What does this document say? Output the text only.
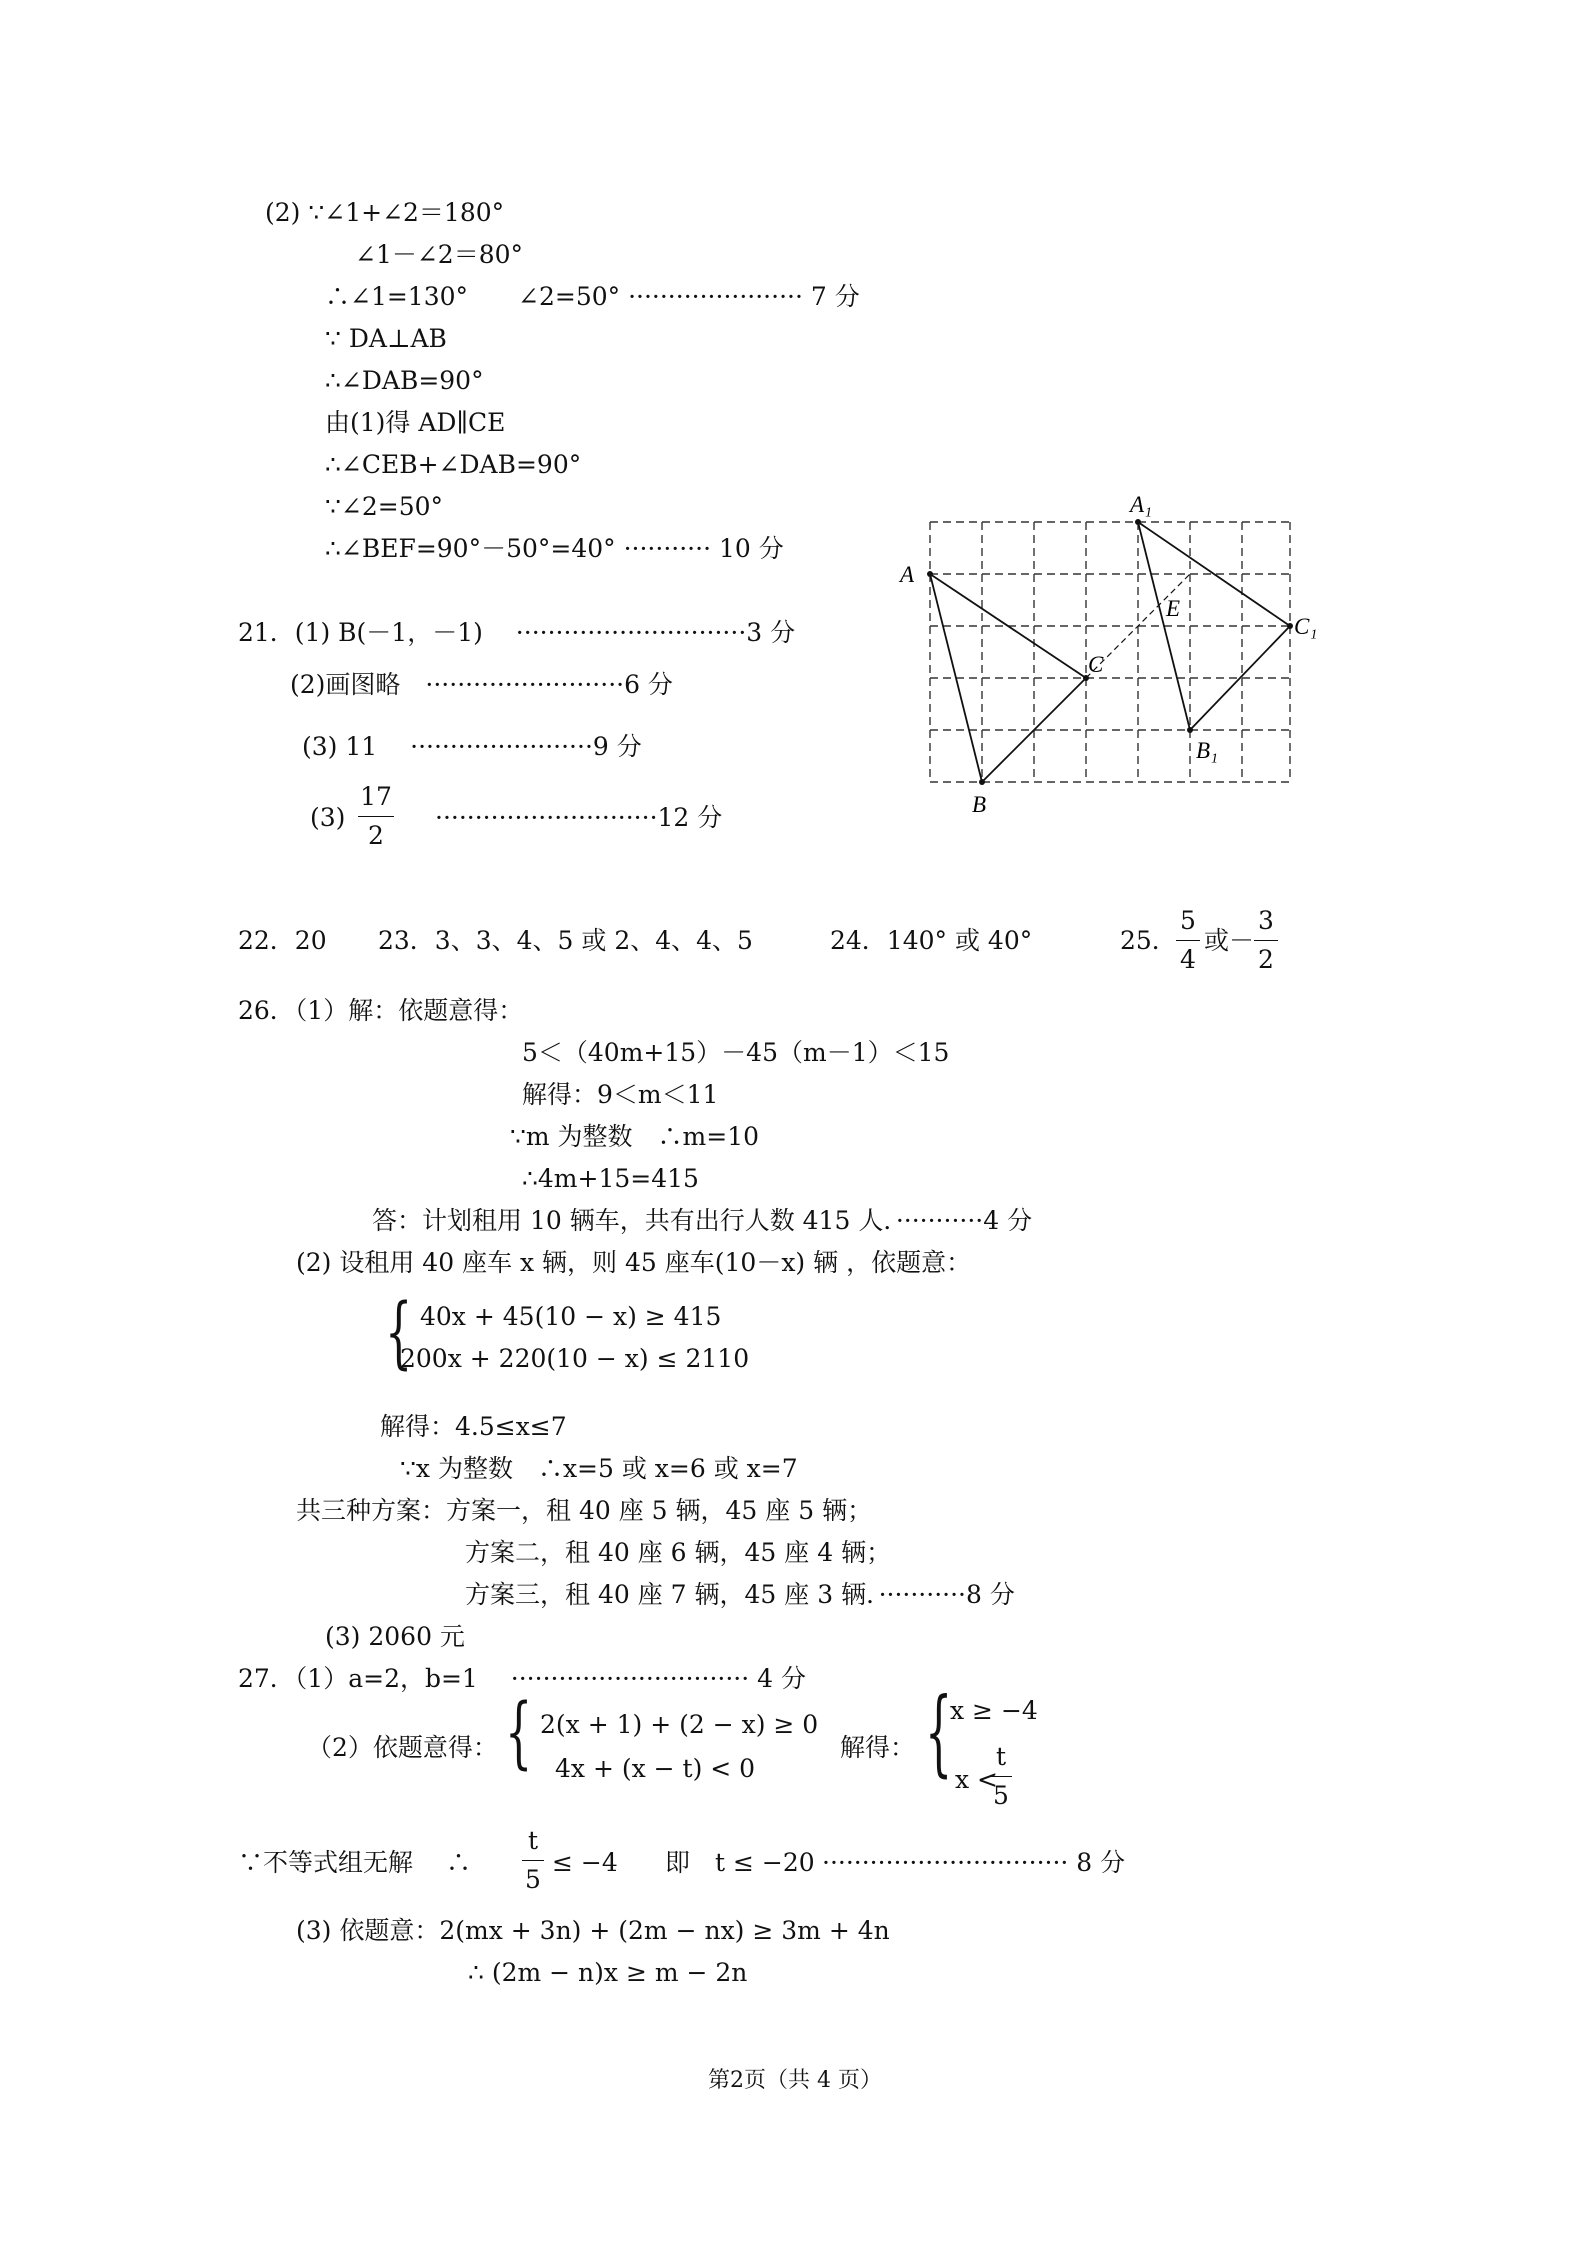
(2) ∵∠1+∠2＝180°
∠1－∠2＝80°
∴∠1=130°　　∠2=50° ······················ 7 分
∵ DA⊥AB
∴∠DAB=90°
由(1)得 AD∥CE
∴∠CEB+∠DAB=90°
∵∠2=50°
∴∠BEF=90°－50°=40° ··········· 10 分
21．(1) B(－1，－1)　 ·····························3 分
(2)画图略　·························6 分
(3) 11　 ·······················9 分
(3)
17
2
····························12 分
A
B
C
A₁
B₁
C₁
E
22．20 23．3、3、4、5 或 2、4、4、5	24．140° 或 40°	25．
5
4
或－
3
2
26．（1）解：依题意得：
5＜（40m+15）－45（m－1）＜15
解得：9＜m＜11
∵m 为整数　∴m=10
∴4m+15=415
答：计划租用 10 辆车，共有出行人数 415 人．···········4 分
(2) 设租用 40 座车 x 辆，则 45 座车(10－x) 辆 ，依题意：
{ 40x + 45(10 − x) ≥ 415
200x + 220(10 − x) ≤ 2110
解得：4.5≤x≤7
∵x 为整数　∴x=5 或 x=6 或 x=7
共三种方案：方案一，租 40 座 5 辆，45 座 5 辆；
方案二，租 40 座 6 辆，45 座 4 辆；
方案三，租 40 座 7 辆，45 座 3 辆．···········8 分
(3) 2060 元
27．（1）a=2，b=1　 ······························ 4 分
（2）依题意得： { 2(x + 1) + (2 − x) ≥ 0
4x + (x − t) < 0
解得： {
x ≥ −4
x <
t
5
∵不等式组无解　 ∴
t
5
≤ −4 即　t ≤ −20 ······························· 8 分
(3) 依题意：2(mx + 3n) + (2m − nx) ≥ 3m + 4n
∴ (2m − n)x ≥ m − 2n
第2页（共 4 页）
